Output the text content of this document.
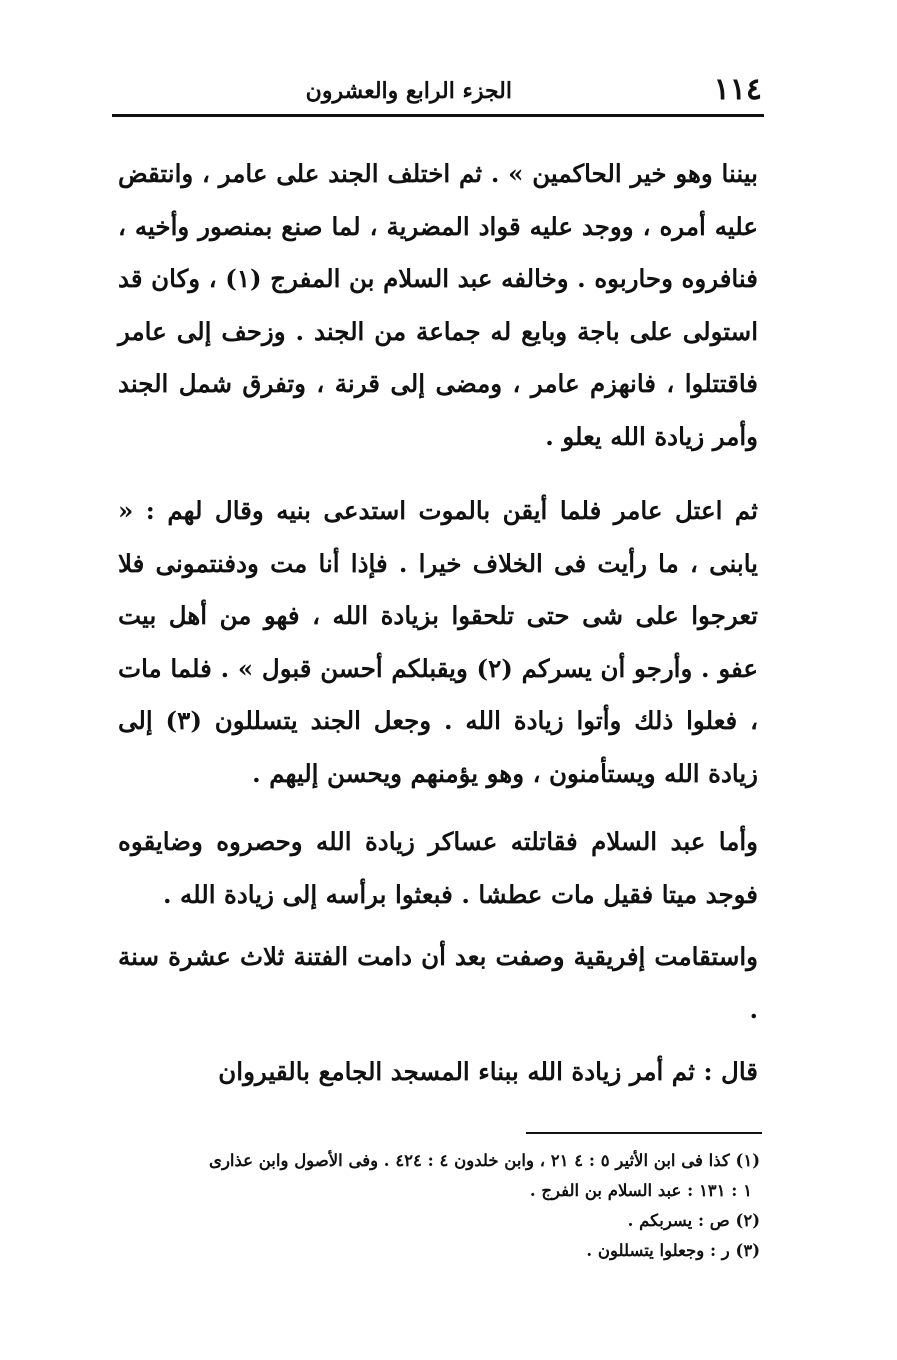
١١٤
الجزء الرابع والعشرون

بيننا وهو خير الحاكمين » . ثم اختلف الجند على عامر ، وانتقض عليه أمره ، ووجد عليه قواد المضرية ، لما صنع بمنصور وأخيه ، فنافروه وحاربوه . وخالفه عبد السلام بن المفرج (١) ، وكان قد استولى على باجة وبايع له جماعة من الجند . وزحف إلى عامر فاقتتلوا ، فانهزم عامر ، ومضى إلى قرنة ، وتفرق شمل الجند وأمر زيادة الله يعلو .

ثم اعتل عامر فلما أيقن بالموت استدعى بنيه وقال لهم : « يابنى ، ما رأيت فى الخلاف خيرا . فإذا أنا مت ودفنتمونى فلا تعرجوا على شى حتى تلحقوا بزيادة الله ، فهو من أهل بيت عفو . وأرجو أن يسركم (٢) ويقبلكم أحسن قبول » . فلما مات ، فعلوا ذلك وأتوا زيادة الله . وجعل الجند يتسللون (٣) إلى زيادة الله ويستأمنون ، وهو يؤمنهم ويحسن إليهم .

وأما عبد السلام فقاتلته عساكر زيادة الله وحصروه وضايقوه فوجد ميتا فقيل مات عطشا . فبعثوا برأسه إلى زيادة الله .

واستقامت إفريقية وصفت بعد أن دامت الفتنة ثلاث عشرة سنة .

قال : ثم أمر زيادة الله ببناء المسجد الجامع بالقيروان

(١) كذا فى ابن الأثير ٥ : ٤ ٢١ ، وابن خلدون ٤ : ٤٢٤ . وفى الأصول وابن عذارى

١ : ١٣١ : عبد السلام بن الفرج .

(٢) ص : يسربكم .

(٣) ر : وجعلوا يتسللون .
